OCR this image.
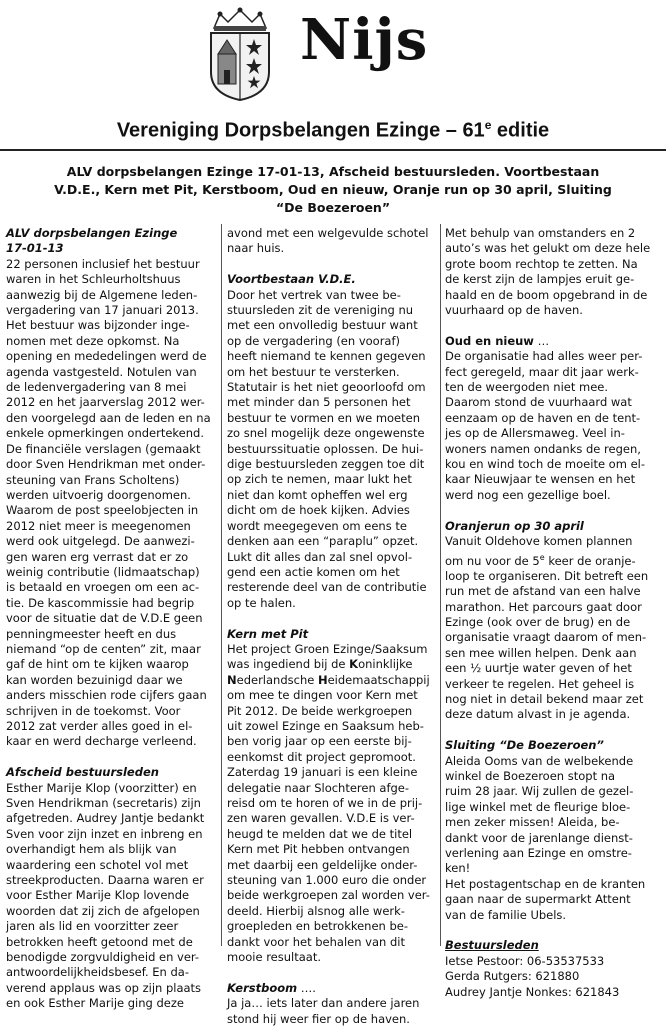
Nijs
Vereniging Dorpsbelangen Ezinge – 61e editie
ALV dorpsbelangen Ezinge 17-01-13, Afscheid bestuursleden. Voortbestaan V.D.E., Kern met Pit, Kerstboom, Oud en nieuw, Oranje run op 30 april, Sluiting “De Boezeroen”
ALV dorpsbelangen Ezinge
17-01-13
22 personen inclusief het bestuur
waren in het Schleurholtshuus
aanwezig bij de Algemene leden-
vergadering van 17 januari 2013.
Het bestuur was bijzonder inge-
nomen met deze opkomst. Na
opening en mededelingen werd de
agenda vastgesteld. Notulen van
de ledenvergadering van 8 mei
2012 en het jaarverslag 2012 wer-
den voorgelegd aan de leden en na
enkele opmerkingen ondertekend.
De financiële verslagen (gemaakt
door Sven Hendrikman met onder-
steuning van Frans Scholtens)
werden uitvoerig doorgenomen.
Waarom de post speelobjecten in
2012 niet meer is meegenomen
werd ook uitgelegd. De aanwezi-
gen waren erg verrast dat er zo
weinig contributie (lidmaatschap)
is betaald en vroegen om een ac-
tie. De kascommissie had begrip
voor de situatie dat de V.D.E geen
penningmeester heeft en dus
niemand “op de centen” zit, maar
gaf de hint om te kijken waarop
kan worden bezuinigd daar we
anders misschien rode cijfers gaan
schrijven in de toekomst. Voor
2012 zat verder alles goed in el-
kaar en werd decharge verleend.
Afscheid bestuursleden
Esther Marije Klop (voorzitter) en
Sven Hendrikman (secretaris) zijn
afgetreden. Audrey Jantje bedankt
Sven voor zijn inzet en inbreng en
overhandigt hem als blijk van
waardering een schotel vol met
streekproducten. Daarna waren er
voor Esther Marije Klop lovende
woorden dat zij zich de afgelopen
jaren als lid en voorzitter zeer
betrokken heeft getoond met de
benodigde zorgvuldigheid en ver-
antwoordelijkheidsbesef. En da-
verend applaus was op zijn plaats
en ook Esther Marije ging deze
avond met een welgevulde schotel
naar huis.
Voortbestaan V.D.E.
Door het vertrek van twee be-
stuursleden zit de vereniging nu
met een onvolledig bestuur want
op de vergadering (en vooraf)
heeft niemand te kennen gegeven
om het bestuur te versterken.
Statutair is het niet geoorloofd om
met minder dan 5 personen het
bestuur te vormen en we moeten
zo snel mogelijk deze ongewenste
bestuurssituatie oplossen. De hui-
dige bestuursleden zeggen toe dit
op zich te nemen, maar lukt het
niet dan komt opheffen wel erg
dicht om de hoek kijken. Advies
wordt meegegeven om eens te
denken aan een “paraplu” opzet.
Lukt dit alles dan zal snel opvol-
gend een actie komen om het
resterende deel van de contributie
op te halen.
Kern met Pit
Het project Groen Ezinge/Saaksum
was ingediend bij de Koninklijke
Nederlandsche Heidemaatschappij
om mee te dingen voor Kern met
Pit 2012. De beide werkgroepen
uit zowel Ezinge en Saaksum heb-
ben vorig jaar op een eerste bij-
eenkomst dit project gepromoot.
Zaterdag 19 januari is een kleine
delegatie naar Slochteren afge-
reisd om te horen of we in de prij-
zen waren gevallen. V.D.E is ver-
heugd te melden dat we de titel
Kern met Pit hebben ontvangen
met daarbij een geldelijke onder-
steuning van 1.000 euro die onder
beide werkgroepen zal worden ver-
deeld. Hierbij alsnog alle werk-
groepleden en betrokkenen be-
dankt voor het behalen van dit
mooie resultaat.
Kerstboom ….
Ja ja… iets later dan andere jaren
stond hij weer fier op de haven.
Met behulp van omstanders en 2
auto’s was het gelukt om deze hele
grote boom rechtop te zetten. Na
de kerst zijn de lampjes eruit ge-
haald en de boom opgebrand in de
vuurhaard op de haven.
Oud en nieuw …
De organisatie had alles weer per-
fect geregeld, maar dit jaar werk-
ten de weergoden niet mee.
Daarom stond de vuurhaard wat
eenzaam op de haven en de tent-
jes op de Allersmaweg. Veel in-
woners namen ondanks de regen,
kou en wind toch de moeite om el-
kaar Nieuwjaar te wensen en het
werd nog een gezellige boel.
Oranjerun op 30 april
Vanuit Oldehove komen plannen
om nu voor de 5e keer de oranje-
loop te organiseren. Dit betreft een
run met de afstand van een halve
marathon. Het parcours gaat door
Ezinge (ook over de brug) en de
organisatie vraagt daarom of men-
sen mee willen helpen. Denk aan
een ½ uurtje water geven of het
verkeer te regelen. Het geheel is
nog niet in detail bekend maar zet
deze datum alvast in je agenda.
Sluiting “De Boezeroen”
Aleida Ooms van de welbekende
winkel de Boezeroen stopt na
ruim 28 jaar. Wij zullen de gezel-
lige winkel met de fleurige bloe-
men zeker missen! Aleida, be-
dankt voor de jarenlange dienst-
verlening aan Ezinge en omstre-
ken!
Het postagentschap en de kranten
gaan naar de supermarkt Attent
van de familie Ubels.
Bestuursleden
Ietse Pestoor: 06-53537533
Gerda Rutgers: 621880
Audrey Jantje Nonkes: 621843
